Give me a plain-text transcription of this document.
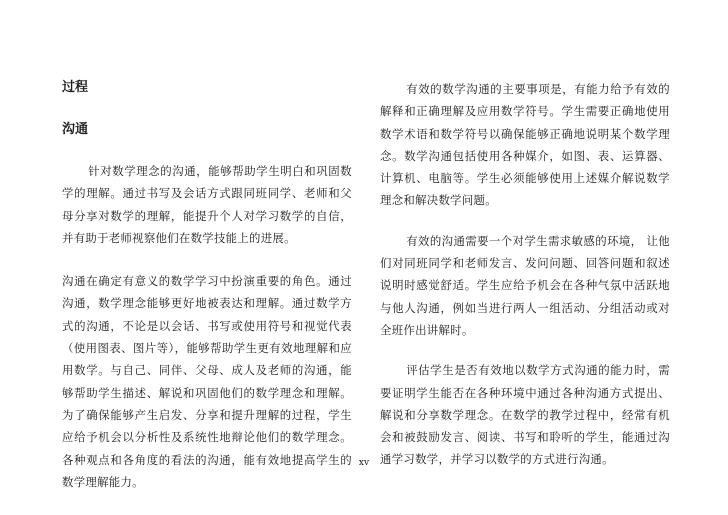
过程
沟通

针对数学理念的沟通，能够帮助学生明白和巩固数学的理解。通过书写及会话方式跟同班同学、老师和父母分享对数学的理解，能提升个人对学习数学的自信，并有助于老师视察他们在数学技能上的进展。

沟通在确定有意义的数学学习中扮演重要的角色。通过沟通，数学理念能够更好地被表达和理解。通过数学方式的沟通，不论是以会话、书写或使用符号和视觉代表（使用图表、图片等），能够帮助学生更有效地理解和应用数学。与自己、同伴、父母、成人及老师的沟通，能够帮助学生描述、解说和巩固他们的数学理念和理解。为了确保能够产生启发、分享和提升理解的过程，学生应给予机会以分析性及系统性地辩论他们的数学理念。各种观点和各角度的看法的沟通，能有效地提高学生的数学理解能力。

有效的数学沟通的主要事项是，有能力给予有效的解释和正确理解及应用数学符号。学生需要正确地使用数学术语和数学符号以确保能够正确地说明某个数学理念。数学沟通包括使用各种媒介，如图、表、运算器、计算机、电脑等。学生必须能够使用上述媒介解说数学理念和解决数学问题。

有效的沟通需要一个对学生需求敏感的环境， 让他们对同班同学和老师发言、发问问题、回答问题和叙述说明时感觉舒适。学生应给予机会在各种气氛中活跃地与他人沟通，例如当进行两人一组活动、分组活动或对全班作出讲解时。

评估学生是否有效地以数学方式沟通的能力时，需要证明学生能否在各种环境中通过各种沟通方式提出、解说和分享数学理念。在数学的教学过程中，经常有机会和被鼓励发言、阅读、书写和聆听的学生，能通过沟通学习数学，并学习以数学的方式进行沟通。

xv
